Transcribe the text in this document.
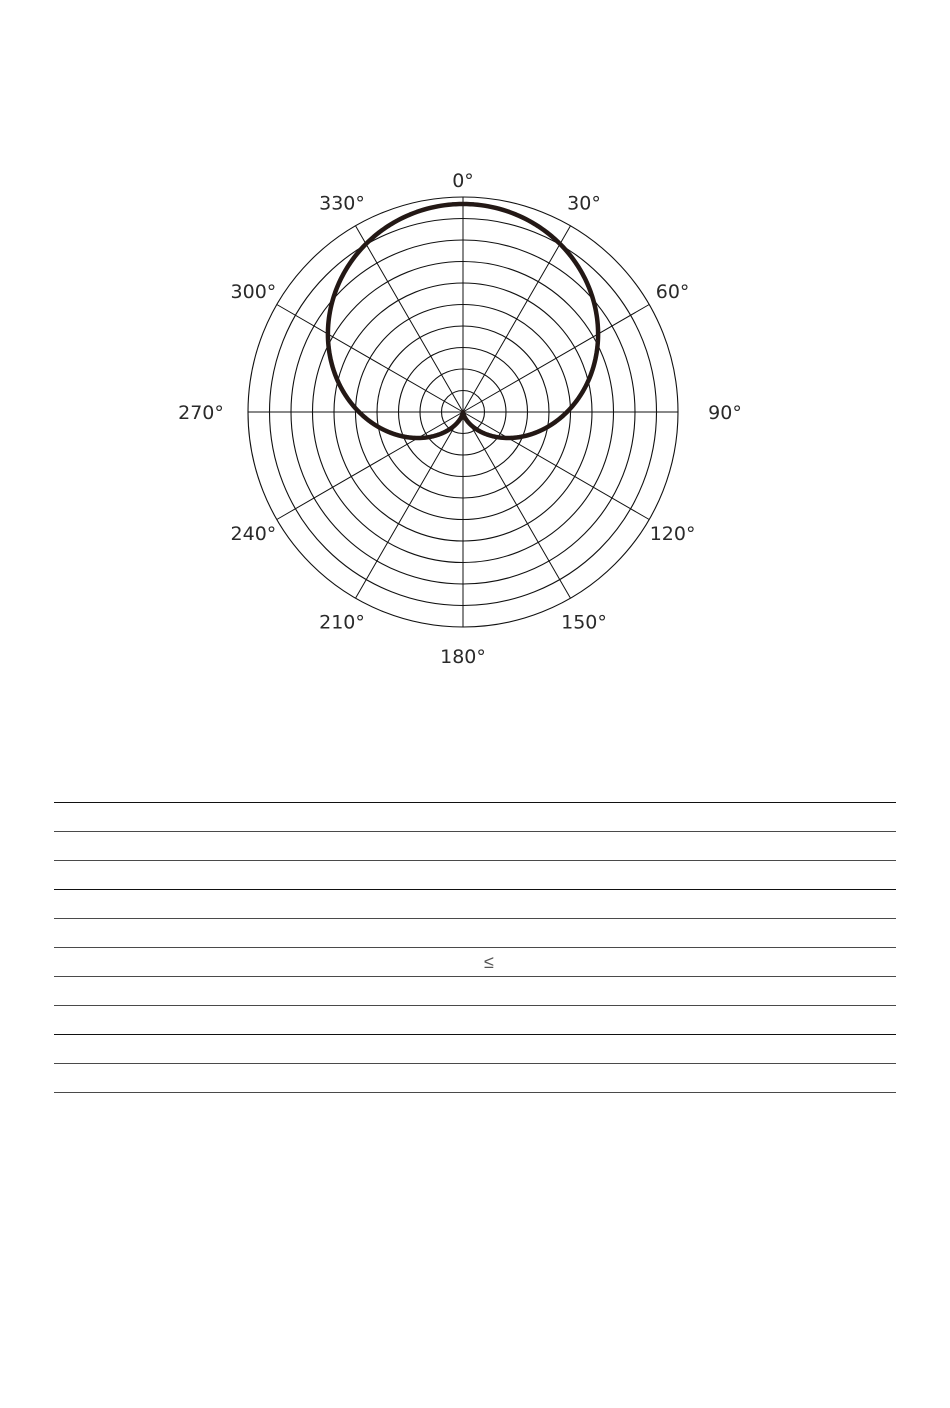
0°
30°
60°
90°
120°
150°
180°
210°
240°
270°
300°
330°
≤
